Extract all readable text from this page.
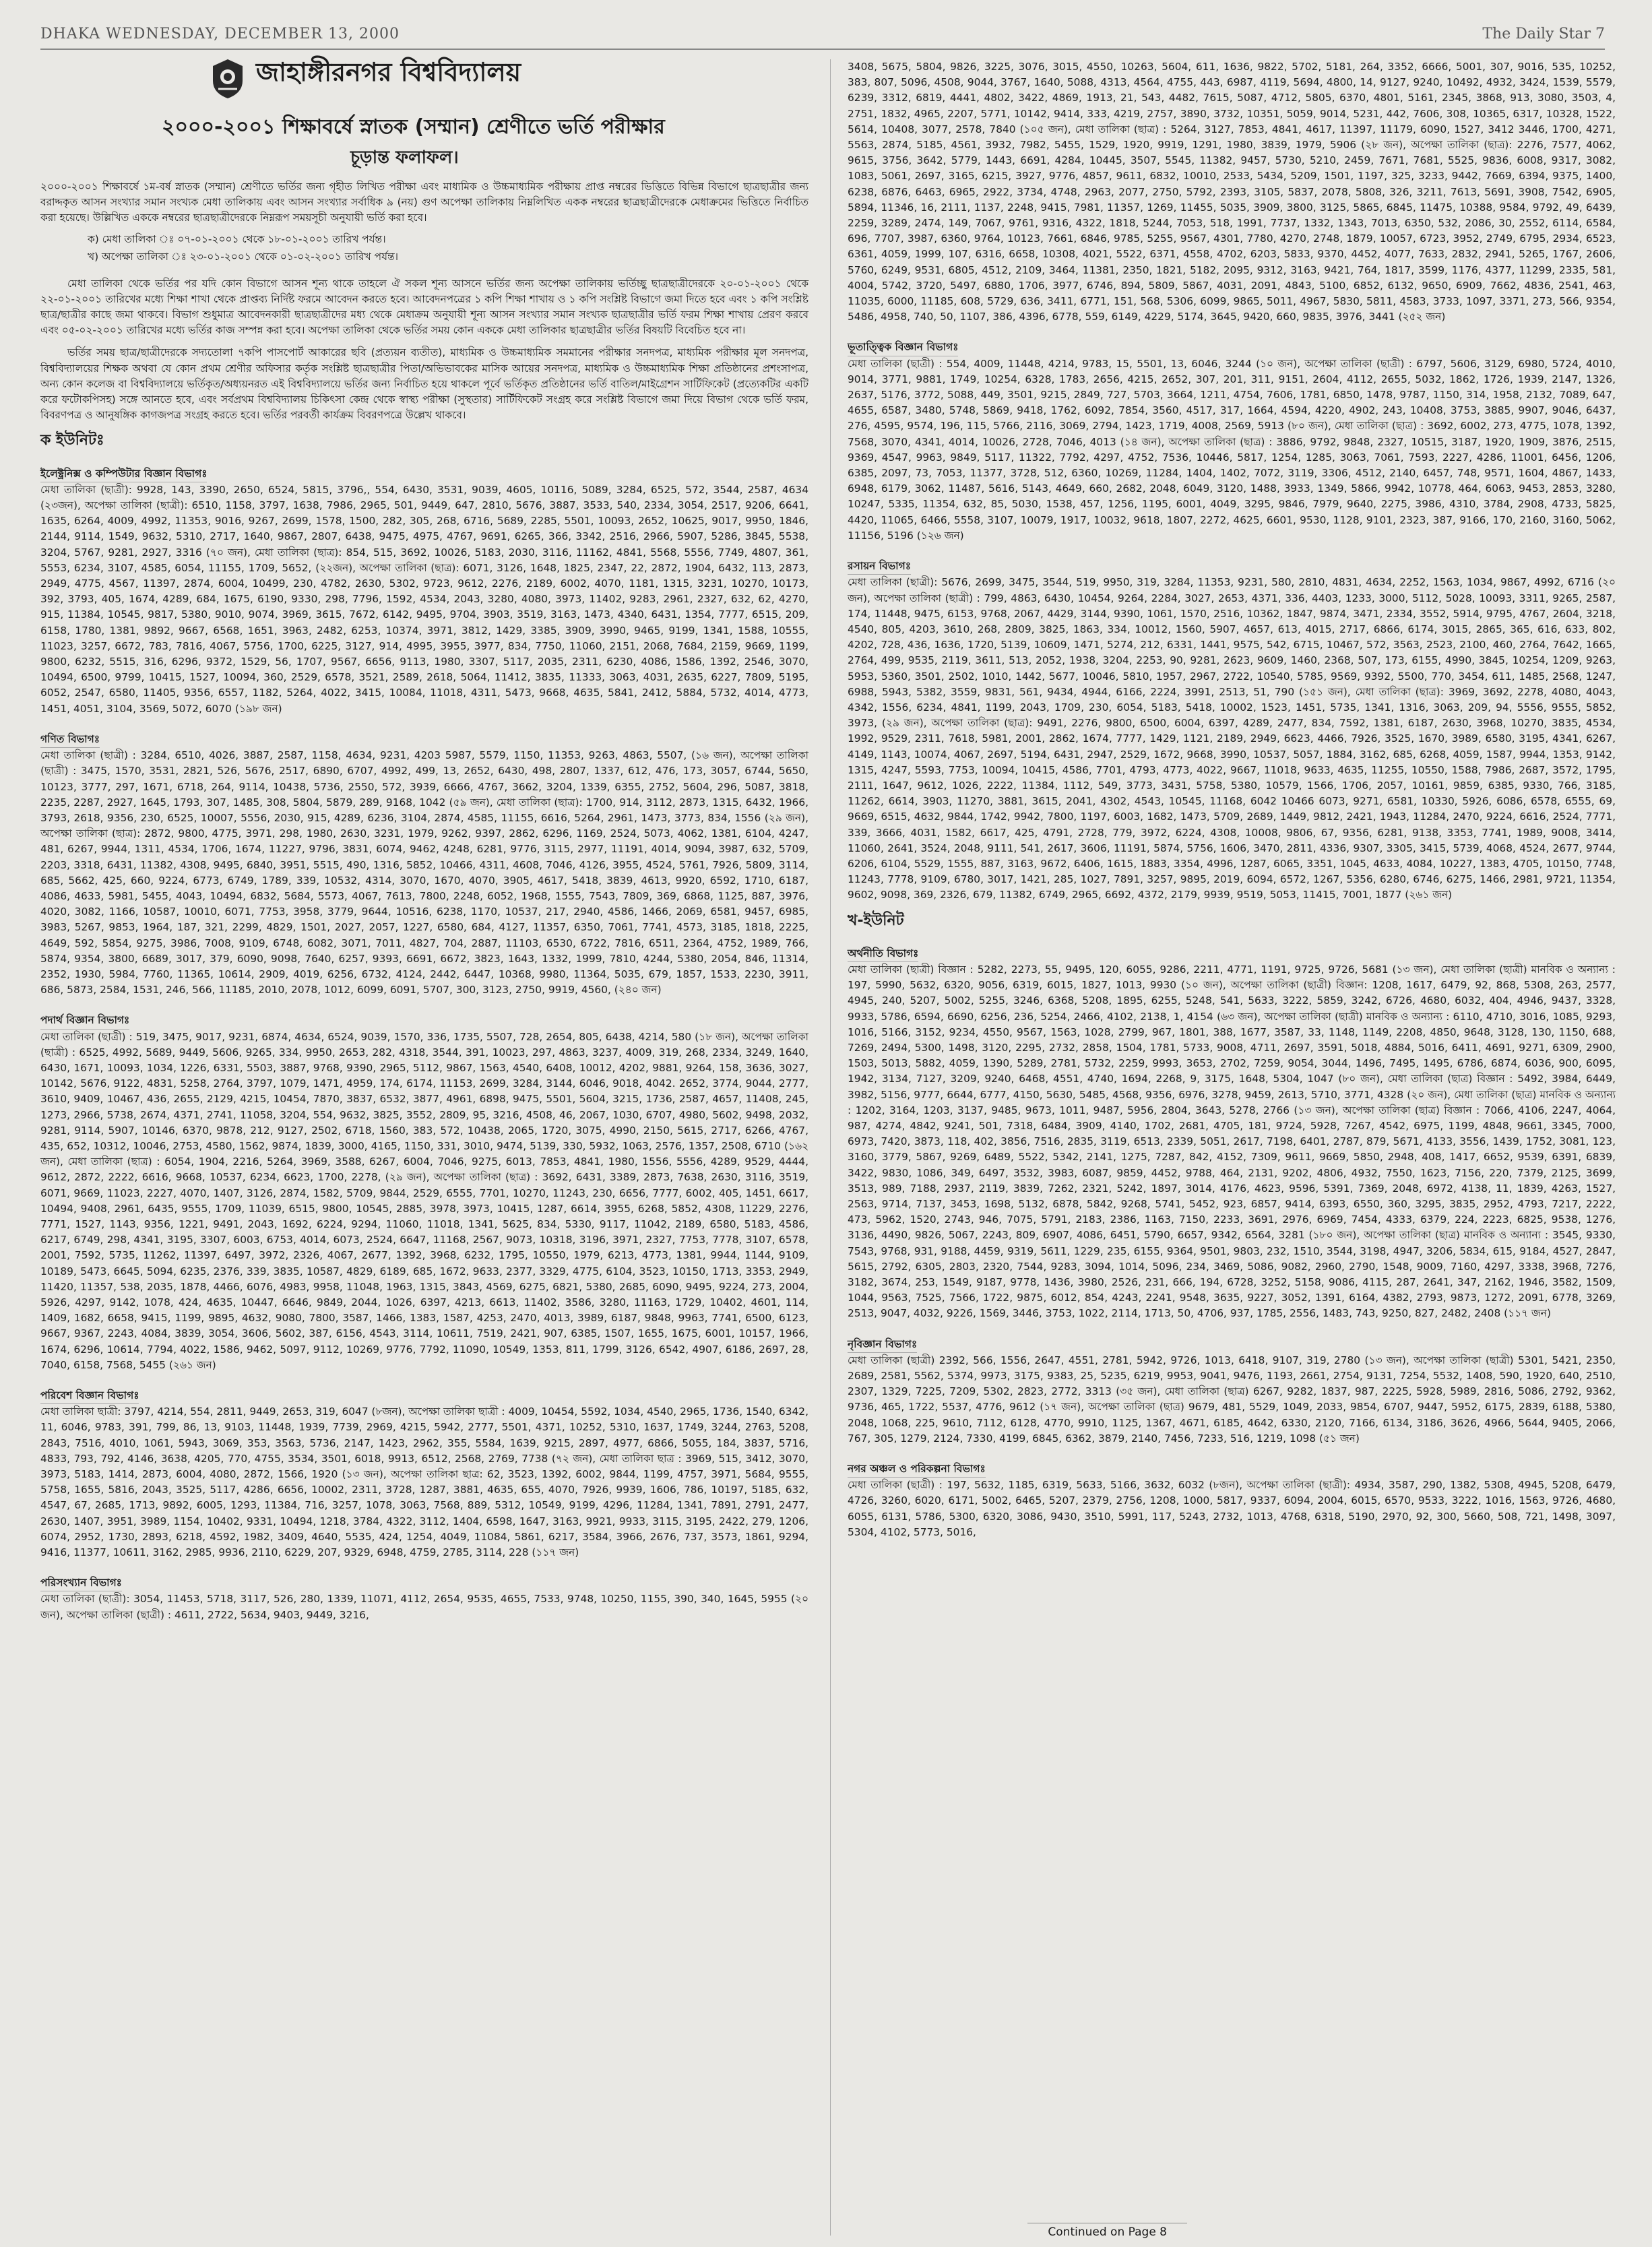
DHAKA WEDNESDAY, DECEMBER 13, 2000	The Daily Star 7
জাহাঙ্গীরনগর বিশ্ববিদ্যালয়
২০০০-২০০১ শিক্ষাবর্ষে স্নাতক (সম্মান) শ্রেণীতে ভর্তি পরীক্ষার
চূড়ান্ত ফলাফল।

২০০০-২০০১ শিক্ষাবর্ষে ১ম-বর্ষ স্নাতক (সম্মান) শ্রেণীতে ভর্তির জন্য গৃহীত লিখিত পরীক্ষা এবং মাধ্যমিক ও উচ্চমাধ্যমিক পরীক্ষায় প্রাপ্ত নম্বরের ভিত্তিতে বিভিন্ন বিভাগে ছাত্রছাত্রীর জন্য বরাদ্দকৃত আসন সংখ্যার সমান সংখ্যক মেধা তালিকায় এবং আসন সংখ্যার সর্বাধিক ৯ (নয়) গুণ অপেক্ষা তালিকায় নিম্নলিখিত একক নম্বরের ছাত্রছাত্রীদেরকে মেধাক্রমের ভিত্তিতে নির্বাচিত করা হয়েছে। উল্লিখিত এককে নম্বরের ছাত্রছাত্রীদেরকে নিম্নরূপ সময়সূচী অনুযায়ী ভর্তি করা হবে।

ক) মেধা তালিকা ঃ ০৭-০১-২০০১ থেকে ১৮-০১-২০০১ তারিখ পর্যন্ত।
খ) অপেক্ষা তালিকা ঃ ২৩-০১-২০০১ থেকে ০১-০২-২০০১ তারিখ পর্যন্ত।

মেধা তালিকা থেকে ভর্তির পর যদি কোন বিভাগে আসন শূন্য থাকে তাহলে ঐ সকল শূন্য আসনে ভর্তির জন্য অপেক্ষা তালিকায় ভর্তিচ্ছু ছাত্রছাত্রীদেরকে ২০-০১-২০০১ থেকে ২২-০১-২০০১ তারিখের মধ্যে শিক্ষা শাখা থেকে প্রাপ্তব্য নির্দিষ্ট ফরমে আবেদন করতে হবে। আবেদনপত্রের ১ কপি শিক্ষা শাখায় ও ১ কপি সংশ্লিষ্ট বিভাগে জমা দিতে হবে এবং ১ কপি সংশ্লিষ্ট ছাত্র/ছাত্রীর কাছে জমা থাকবে। বিভাগ শুধুমাত্র আবেদনকারী ছাত্রছাত্রীদের মধ্য থেকে মেধাক্রম অনুযায়ী শূন্য আসন সংখ্যার সমান সংখ্যক ছাত্রছাত্রীর ভর্তি ফরম শিক্ষা শাখায় প্রেরণ করবে এবং ০৫-০২-২০০১ তারিখের মধ্যে ভর্তির কাজ সম্পন্ন করা হবে। অপেক্ষা তালিকা থেকে ভর্তির সময় কোন এককে মেধা তালিকার ছাত্রছাত্রীর ভর্তির বিষয়টি বিবেচিত হবে না।

ভর্তির সময় ছাত্র/ছাত্রীদেরকে সদ্যতোলা ৭কপি পাসপোর্ট আকারের ছবি (প্রত্যয়ন ব্যতীত), মাধ্যমিক ও উচ্চমাধ্যমিক সমমানের পরীক্ষার সনদপত্র, মাধ্যমিক পরীক্ষার মূল সনদপত্র, বিশ্ববিদ্যালয়ের শিক্ষক অথবা যে কোন প্রথম শ্রেণীর অফিসার কর্তৃক সংশ্লিষ্ট ছাত্রছাত্রীর পিতা/অভিভাবকের মাসিক আয়ের সনদপত্র, মাধ্যমিক ও উচ্চমাধ্যমিক শিক্ষা প্রতিষ্ঠানের প্রশংসাপত্র, অন্য কোন কলেজ বা বিশ্ববিদ্যালয়ে ভর্তিকৃত/অধ্যয়নরত এই বিশ্ববিদ্যালয়ে ভর্তির জন্য নির্বাচিত হয়ে থাকলে পূর্বে ভর্তিকৃত প্রতিষ্ঠানের ভর্তি বাতিল/মাইগ্রেশন সার্টিফিকেট (প্রত্যেকটির একটি করে ফটোকপিসহ) সঙ্গে আনতে হবে, এবং সর্বপ্রথম বিশ্ববিদ্যালয় চিকিৎসা কেন্দ্র থেকে স্বাস্থ্য পরীক্ষা (সুস্থতার) সার্টিফিকেট সংগ্রহ করে সংশ্লিষ্ট বিভাগে জমা দিয়ে বিভাগ থেকে ভর্তি ফরম, বিবরণপত্র ও আনুষঙ্গিক কাগজপত্র সংগ্রহ করতে হবে। ভর্তির পরবর্তী কার্যক্রম বিবরণপত্রে উল্লেখ থাকবে।

ক ইউনিটঃ
ইলেক্ট্রনিক্স ও কম্পিউটার বিজ্ঞান বিভাগঃ

মেধা তালিকা (ছাত্রী): 9928, 143, 3390, 2650, 6524, 5815, 3796,, 554, 6430, 3531, 9039, 4605, 10116, 5089, 3284, 6525, 572, 3544, 2587, 4634 (২৩জন), অপেক্ষা তালিকা (ছাত্রী): 6510, 1158, 3797, 1638, 7986, 2965, 501, 9449, 647, 2810, 5676, 3887, 3533, 540, 2334, 3054, 2517, 9206, 6641, 1635, 6264, 4009, 4992, 11353, 9016, 9267, 2699, 1578, 1500, 282, 305, 268, 6716, 5689, 2285, 5501, 10093, 2652, 10625, 9017, 9950, 1846, 2144, 9114, 1549, 9632, 5310, 2717, 1640, 9867, 2807, 6438, 9475, 4975, 4767, 9691, 6265, 366, 3342, 2516, 2966, 5907, 5286, 3845, 5538, 3204, 5767, 9281, 2927, 3316 (৭০ জন), মেধা তালিকা (ছাত্র): 854, 515, 3692, 10026, 5183, 2030, 3116, 11162, 4841, 5568, 5556, 7749, 4807, 361, 5553, 6234, 3107, 4585, 6054, 11155, 1709, 5652, (২২জন), অপেক্ষা তালিকা (ছাত্র): 6071, 3126, 1648, 1825, 2347, 22, 2872, 1904, 6432, 113, 2873, 2949, 4775, 4567, 11397, 2874, 6004, 10499, 230, 4782, 2630, 5302, 9723, 9612, 2276, 2189, 6002, 4070, 1181, 1315, 3231, 10270, 10173, 392, 3793, 405, 1674, 4289, 684, 1675, 6190, 9330, 298, 7796, 1592, 4534, 2043, 3280, 4080, 3973, 11402, 9283, 2961, 2327, 632, 62, 4270, 915, 11384, 10545, 9817, 5380, 9010, 9074, 3969, 3615, 7672, 6142, 9495, 9704, 3903, 3519, 3163, 1473, 4340, 6431, 1354, 7777, 6515, 209, 6158, 1780, 1381, 9892, 9667, 6568, 1651, 3963, 2482, 6253, 10374, 3971, 3812, 1429, 3385, 3909, 3990, 9465, 9199, 1341, 1588, 10555, 11023, 3257, 6672, 783, 7816, 4067, 5756, 1700, 6225, 3127, 914, 4995, 3955, 3977, 834, 7750, 11060, 2151, 2068, 7684, 2159, 9669, 1199, 9800, 6232, 5515, 316, 6296, 9372, 1529, 56, 1707, 9567, 6656, 9113, 1980, 3307, 5117, 2035, 2311, 6230, 4086, 1586, 1392, 2546, 3070, 10494, 6500, 9799, 10415, 1527, 10094, 360, 2529, 6578, 3521, 2589, 2618, 5064, 11412, 3835, 11333, 3063, 4031, 2635, 6227, 7809, 5195, 6052, 2547, 6580, 11405, 9356, 6557, 1182, 5264, 4022, 3415, 10084, 11018, 4311, 5473, 9668, 4635, 5841, 2412, 5884, 5732, 4014, 4773, 1451, 4051, 3104, 3569, 5072, 6070 (১৯৮ জন)

গণিত বিভাগঃ

মেধা তালিকা (ছাত্রী) : 3284, 6510, 4026, 3887, 2587, 1158, 4634, 9231, 4203 5987, 5579, 1150, 11353, 9263, 4863, 5507, (১৬ জন), অপেক্ষা তালিকা (ছাত্রী) : 3475, 1570, 3531, 2821, 526, 5676, 2517, 6890, 6707, 4992, 499, 13, 2652, 6430, 498, 2807, 1337, 612, 476, 173, 3057, 6744, 5650, 10123, 3777, 297, 1671, 6718, 264, 9114, 10438, 5736, 2550, 572, 3939, 6666, 4767, 3662, 3204, 1339, 6355, 2752, 5604, 296, 5087, 3818, 2235, 2287, 2927, 1645, 1793, 307, 1485, 308, 5804, 5879, 289, 9168, 1042 (৫৯ জন), মেধা তালিকা (ছাত্র): 1700, 914, 3112, 2873, 1315, 6432, 1966, 3793, 2618, 9356, 230, 6525, 10007, 5556, 2030, 915, 4289, 6236, 3104, 2874, 4585, 11155, 6616, 5264, 2961, 1473, 3773, 834, 1556 (২৯ জন), অপেক্ষা তালিকা (ছাত্র): 2872, 9800, 4775, 3971, 298, 1980, 2630, 3231, 1979, 9262, 9397, 2862, 6296, 1169, 2524, 5073, 4062, 1381, 6104, 4247, 481, 6267, 9944, 1311, 4534, 1706, 1674, 11227, 9796, 3831, 6074, 9462, 4248, 6281, 9776, 3115, 2977, 11191, 4014, 9094, 3987, 632, 5709, 2203, 3318, 6431, 11382, 4308, 9495, 6840, 3951, 5515, 490, 1316, 5852, 10466, 4311, 4608, 7046, 4126, 3955, 4524, 5761, 7926, 5809, 3114, 685, 5662, 425, 660, 9224, 6773, 6749, 1789, 339, 10532, 4314, 3070, 1670, 4070, 3905, 4617, 5418, 3839, 4613, 9920, 6592, 1710, 6187, 4086, 4633, 5981, 5455, 4043, 10494, 6832, 5684, 5573, 4067, 7613, 7800, 2248, 6052, 1968, 1555, 7543, 7809, 369, 6868, 1125, 887, 3976, 4020, 3082, 1166, 10587, 10010, 6071, 7753, 3958, 3779, 9644, 10516, 6238, 1170, 10537, 217, 2940, 4586, 1466, 2069, 6581, 9457, 6985, 3983, 5267, 9853, 1964, 187, 321, 2299, 4829, 1501, 2027, 2057, 1227, 6580, 684, 4127, 11357, 6350, 7061, 7741, 4573, 3185, 1818, 2225, 4649, 592, 5854, 9275, 3986, 7008, 9109, 6748, 6082, 3071, 7011, 4827, 704, 2887, 11103, 6530, 6722, 7816, 6511, 2364, 4752, 1989, 766, 5874, 9354, 3800, 6689, 3017, 379, 6090, 9098, 7640, 6257, 9393, 6691, 6672, 3823, 1643, 1332, 1999, 7810, 4244, 5380, 2054, 846, 11314, 2352, 1930, 5984, 7760, 11365, 10614, 2909, 4019, 6256, 6732, 4124, 2442, 6447, 10368, 9980, 11364, 5035, 679, 1857, 1533, 2230, 3911, 686, 5873, 2584, 1531, 246, 566, 11185, 2010, 2078, 1012, 6099, 6091, 5707, 300, 3123, 2750, 9919, 4560, (২৪০ জন)

পদার্থ বিজ্ঞান বিভাগঃ

মেধা তালিকা (ছাত্রী) : 519, 3475, 9017, 9231, 6874, 4634, 6524, 9039, 1570, 336, 1735, 5507, 728, 2654, 805, 6438, 4214, 580 (১৮ জন), অপেক্ষা তালিকা (ছাত্রী) : 6525, 4992, 5689, 9449, 5606, 9265, 334, 9950, 2653, 282, 4318, 3544, 391, 10023, 297, 4863, 3237, 4009, 319, 268, 2334, 3249, 1640, 6430, 1671, 10093, 1034, 1226, 6331, 5503, 3887, 9768, 9390, 2965, 5112, 9867, 1563, 4540, 6408, 10012, 4202, 9881, 9264, 158, 3636, 3027, 10142, 5676, 9122, 4831, 5258, 2764, 3797, 1079, 1471, 4959, 174, 6174, 11153, 2699, 3284, 3144, 6046, 9018, 4042. 2652, 3774, 9044, 2777, 3610, 9409, 10467, 436, 2655, 2129, 4215, 10454, 7870, 3837, 6532, 3877, 4961, 6898, 9475, 5501, 5604, 3215, 1736, 2587, 4657, 11408, 245, 1273, 2966, 5738, 2674, 4371, 2741, 11058, 3204, 554, 9632, 3825, 3552, 2809, 95, 3216, 4508, 46, 2067, 1030, 6707, 4980, 5602, 9498, 2032, 9281, 9114, 5907, 10146, 6370, 9878, 212, 9127, 2502, 6718, 1560, 383, 572, 10438, 2065, 1720, 3075, 4990, 2150, 5615, 2717, 6266, 4767, 435, 652, 10312, 10046, 2753, 4580, 1562, 9874, 1839, 3000, 4165, 1150, 331, 3010, 9474, 5139, 330, 5932, 1063, 2576, 1357, 2508, 6710 (১৬২ জন), মেধা তালিকা (ছাত্র) : 6054, 1904, 2216, 5264, 3969, 3588, 6267, 6004, 7046, 9275, 6013, 7853, 4841, 1980, 1556, 5556, 4289, 9529, 4444, 9612, 2872, 2222, 6616, 9668, 10537, 6234, 6623, 1700, 2278, (২৯ জন), অপেক্ষা তালিকা (ছাত্র) : 3692, 6431, 3389, 2873, 7638, 2630, 3116, 3519, 6071, 9669, 11023, 2227, 4070, 1407, 3126, 2874, 1582, 5709, 9844, 2529, 6555, 7701, 10270, 11243, 230, 6656, 7777, 6002, 405, 1451, 6617, 10494, 9408, 2961, 6435, 9555, 1709, 11039, 6515, 9800, 10545, 2885, 3978, 3973, 10415, 1287, 6614, 3955, 6268, 5852, 4308, 11229, 2276, 7771, 1527, 1143, 9356, 1221, 9491, 2043, 1692, 6224, 9294, 11060, 11018, 1341, 5625, 834, 5330, 9117, 11042, 2189, 6580, 5183, 4586, 6217, 6749, 298, 4341, 3195, 3307, 6003, 6753, 4014, 6073, 2524, 6647, 11168, 2567, 9073, 10318, 3196, 3971, 2327, 7753, 7778, 3107, 6578, 2001, 7592, 5735, 11262, 11397, 6497, 3972, 2326, 4067, 2677, 1392, 3968, 6232, 1795, 10550, 1979, 6213, 4773, 1381, 9944, 1144, 9109, 10189, 5473, 6645, 5094, 6235, 2376, 339, 3835, 10587, 4829, 6189, 685, 1672, 9633, 2377, 3329, 4775, 6104, 3523, 10150, 1713, 3353, 2949, 11420, 11357, 538, 2035, 1878, 4466, 6076, 4983, 9958, 11048, 1963, 1315, 3843, 4569, 6275, 6821, 5380, 2685, 6090, 9495, 9224, 273, 2004, 5926, 4297, 9142, 1078, 424, 4635, 10447, 6646, 9849, 2044, 1026, 6397, 4213, 6613, 11402, 3586, 3280, 11163, 1729, 10402, 4601, 114, 1409, 1682, 6658, 9415, 1199, 9895, 4632, 9080, 7800, 3587, 1466, 1383, 1587, 4253, 2470, 4013, 3989, 6187, 9848, 9963, 7741, 6500, 6123, 9667, 9367, 2243, 4084, 3839, 3054, 3606, 5602, 387, 6156, 4543, 3114, 10611, 7519, 2421, 907, 6385, 1507, 1655, 1675, 6001, 10157, 1966, 1674, 6296, 10614, 7794, 4022, 1586, 9462, 5097, 9112, 10269, 9776, 7792, 11090, 10549, 1353, 811, 1799, 3126, 6542, 4907, 6186, 2697, 28, 7040, 6158, 7568, 5455 (২৬১ জন)

পরিবেশ বিজ্ঞান বিভাগঃ

মেধা তালিকা ছাত্রী: 3797, 4214, 554, 2811, 9449, 2653, 319, 6047 (৮জন), অপেক্ষা তালিকা ছাত্রী : 4009, 10454, 5592, 1034, 4540, 2965, 1736, 1540, 6342, 11, 6046, 9783, 391, 799, 86, 13, 9103, 11448, 1939, 7739, 2969, 4215, 5942, 2777, 5501, 4371, 10252, 5310, 1637, 1749, 3244, 2763, 5208, 2843, 7516, 4010, 1061, 5943, 3069, 353, 3563, 5736, 2147, 1423, 2962, 355, 5584, 1639, 9215, 2897, 4977, 6866, 5055, 184, 3837, 5716, 4833, 793, 792, 4146, 3638, 4205, 770, 4755, 3534, 3501, 6018, 9913, 6512, 2568, 2769, 7738 (৭২ জন), মেধা তালিকা ছাত্র : 3969, 515, 3412, 3070, 3973, 5183, 1414, 2873, 6004, 4080, 2872, 1566, 1920 (১৩ জন), অপেক্ষা তালিকা ছাত্র: 62, 3523, 1392, 6002, 9844, 1199, 4757, 3971, 5684, 9555, 5758, 1655, 5816, 2043, 3525, 5117, 4286, 6656, 10002, 2311, 3728, 1287, 3881, 4635, 655, 4070, 7926, 9939, 1606, 786, 10197, 5185, 632, 4547, 67, 2685, 1713, 9892, 6005, 1293, 11384, 716, 3257, 1078, 3063, 7568, 889, 5312, 10549, 9199, 4296, 11284, 1341, 7891, 2791, 2477, 2630, 1407, 3951, 3989, 1154, 10402, 9331, 10494, 1218, 3784, 4322, 3112, 1404, 6598, 1647, 3163, 9921, 9933, 3115, 3195, 2422, 279, 1206, 6074, 2952, 1730, 2893, 6218, 4592, 1982, 3409, 4640, 5535, 424, 1254, 4049, 11084, 5861, 6217, 3584, 3966, 2676, 737, 3573, 1861, 9294, 9416, 11377, 10611, 3162, 2985, 9936, 2110, 6229, 207, 9329, 6948, 4759, 2785, 3114, 228 (১১৭ জন)

পরিসংখ্যান বিভাগঃ

মেধা তালিকা (ছাত্রী): 3054, 11453, 5718, 3117, 526, 280, 1339, 11071, 4112, 2654, 9535, 4655, 7533, 9748, 10250, 1155, 390, 340, 1645, 5955 (২০ জন), অপেক্ষা তালিকা (ছাত্রী) : 4611, 2722, 5634, 9403, 9449, 3216,

3408, 5675, 5804, 9826, 3225, 3076, 3015, 4550, 10263, 5604, 611, 1636, 9822, 5702, 5181, 264, 3352, 6666, 5001, 307, 9016, 535, 10252, 383, 807, 5096, 4508, 9044, 3767, 1640, 5088, 4313, 4564, 4755, 443, 6987, 4119, 5694, 4800, 14, 9127, 9240, 10492, 4932, 3424, 1539, 5579, 6239, 3312, 6819, 4441, 4802, 3422, 4869, 1913, 21, 543, 4482, 7615, 5087, 4712, 5805, 6370, 4801, 5161, 2345, 3868, 913, 3080, 3503, 4, 2751, 1832, 4965, 2207, 5771, 10142, 9414, 333, 4219, 2757, 3890, 3732, 10351, 5059, 9014, 5231, 442, 7606, 308, 10365, 6317, 10328, 1522, 5614, 10408, 3077, 2578, 7840 (১০৫ জন), মেধা তালিকা (ছাত্র) : 5264, 3127, 7853, 4841, 4617, 11397, 11179, 6090, 1527, 3412 3446, 1700, 4271, 5563, 2874, 5185, 4561, 3932, 7982, 5455, 1529, 1920, 9919, 1291, 1980, 3839, 1979, 5906 (২৮ জন), অপেক্ষা তালিকা (ছাত্র): 2276, 7577, 4062, 9615, 3756, 3642, 5779, 1443, 6691, 4284, 10445, 3507, 5545, 11382, 9457, 5730, 5210, 2459, 7671, 7681, 5525, 9836, 6008, 9317, 3082, 1083, 5061, 2697, 3165, 6215, 3927, 9776, 4857, 9611, 6832, 10010, 2533, 5434, 5209, 1501, 1197, 325, 3233, 9442, 7669, 6394, 9375, 1400, 6238, 6876, 6463, 6965, 2922, 3734, 4748, 2963, 2077, 2750, 5792, 2393, 3105, 5837, 2078, 5808, 326, 3211, 7613, 5691, 3908, 7542, 6905, 5894, 11346, 16, 2111, 1137, 2248, 9415, 7981, 11357, 1269, 11455, 5035, 3909, 3800, 3125, 5865, 6845, 11475, 10388, 9584, 9792, 49, 6439, 2259, 3289, 2474, 149, 7067, 9761, 9316, 4322, 1818, 5244, 7053, 518, 1991, 7737, 1332, 1343, 7013, 6350, 532, 2086, 30, 2552, 6114, 6584, 696, 7707, 3987, 6360, 9764, 10123, 7661, 6846, 9785, 5255, 9567, 4301, 7780, 4270, 2748, 1879, 10057, 6723, 3952, 2749, 6795, 2934, 6523, 6361, 4059, 1999, 107, 6316, 6658, 10308, 4021, 5522, 6371, 4558, 4702, 6203, 5833, 9370, 4452, 4077, 7633, 2832, 2941, 5265, 1767, 2606, 5760, 6249, 9531, 6805, 4512, 2109, 3464, 11381, 2350, 1821, 5182, 2095, 9312, 3163, 9421, 764, 1817, 3599, 1176, 4377, 11299, 2335, 581, 4004, 5742, 3720, 5497, 6880, 1706, 3977, 6746, 894, 5809, 5867, 4031, 2091, 4843, 5100, 6852, 6132, 9650, 6909, 7662, 4836, 2541, 463, 11035, 6000, 11185, 608, 5729, 636, 3411, 6771, 151, 568, 5306, 6099, 9865, 5011, 4967, 5830, 5811, 4583, 3733, 1097, 3371, 273, 566, 9354, 5486, 4958, 740, 50, 1107, 386, 4396, 6778, 559, 6149, 4229, 5174, 3645, 9420, 660, 9835, 3976, 3441 (২৫২ জন)

ভূতাত্ত্বিক বিজ্ঞান বিভাগঃ

মেধা তালিকা (ছাত্রী) : 554, 4009, 11448, 4214, 9783, 15, 5501, 13, 6046, 3244 (১০ জন), অপেক্ষা তালিকা (ছাত্রী) : 6797, 5606, 3129, 6980, 5724, 4010, 9014, 3771, 9881, 1749, 10254, 6328, 1783, 2656, 4215, 2652, 307, 201, 311, 9151, 2604, 4112, 2655, 5032, 1862, 1726, 1939, 2147, 1326, 2637, 5176, 3772, 5088, 449, 3501, 9215, 2849, 727, 5703, 3664, 1211, 4754, 7606, 1781, 6850, 1478, 9787, 1150, 314, 1958, 2132, 7089, 647, 4655, 6587, 3480, 5748, 5869, 9418, 1762, 6092, 7854, 3560, 4517, 317, 1664, 4594, 4220, 4902, 243, 10408, 3753, 3885, 9907, 9046, 6437, 276, 4595, 9574, 196, 115, 5766, 2116, 3069, 2794, 1423, 1719, 4008, 2569, 5913 (৮০ জন), মেধা তালিকা (ছাত্র) : 3692, 6002, 273, 4775, 1078, 1392, 7568, 3070, 4341, 4014, 10026, 2728, 7046, 4013 (১৪ জন), অপেক্ষা তালিকা (ছাত্র) : 3886, 9792, 9848, 2327, 10515, 3187, 1920, 1909, 3876, 2515, 9369, 4547, 9963, 9849, 5117, 11322, 7792, 4297, 4752, 7536, 10446, 5817, 1254, 1285, 3063, 7061, 7593, 2227, 4286, 11001, 6456, 1206, 6385, 2097, 73, 7053, 11377, 3728, 512, 6360, 10269, 11284, 1404, 1402, 7072, 3119, 3306, 4512, 2140, 6457, 748, 9571, 1604, 4867, 1433, 6948, 6179, 3062, 11487, 5616, 5143, 4649, 660, 2682, 2048, 6049, 3120, 1488, 3933, 1349, 5866, 9942, 10778, 464, 6063, 9453, 2853, 3280, 10247, 5335, 11354, 632, 85, 5030, 1538, 457, 1256, 1195, 6001, 4049, 3295, 9846, 7979, 9640, 2275, 3986, 4310, 3784, 2908, 4733, 5825, 4420, 11065, 6466, 5558, 3107, 10079, 1917, 10032, 9618, 1807, 2272, 4625, 6601, 9530, 1128, 9101, 2323, 387, 9166, 170, 2160, 3160, 5062, 11156, 5196 (১২৬ জন)

রসায়ন বিভাগঃ

মেধা তালিকা (ছাত্রী): 5676, 2699, 3475, 3544, 519, 9950, 319, 3284, 11353, 9231, 580, 2810, 4831, 4634, 2252, 1563, 1034, 9867, 4992, 6716 (২০ জন), অপেক্ষা তালিকা (ছাত্রী) : 799, 4863, 6430, 10454, 9264, 2284, 3027, 2653, 4371, 336, 4403, 1233, 3000, 5112, 5028, 10093, 3311, 9265, 2587, 174, 11448, 9475, 6153, 9768, 2067, 4429, 3144, 9390, 1061, 1570, 2516, 10362, 1847, 9874, 3471, 2334, 3552, 5914, 9795, 4767, 2604, 3218, 4540, 805, 4203, 3610, 268, 2809, 3825, 1863, 334, 10012, 1560, 5907, 4657, 613, 4015, 2717, 6866, 6174, 3015, 2865, 365, 616, 633, 802, 4202, 728, 436, 1636, 1720, 5139, 10609, 1471, 5274, 212, 6331, 1441, 9575, 542, 6715, 10467, 572, 3563, 2523, 2100, 460, 2764, 7642, 1665, 2764, 499, 9535, 2119, 3611, 513, 2052, 1938, 3204, 2253, 90, 9281, 2623, 9609, 1460, 2368, 507, 173, 6155, 4990, 3845, 10254, 1209, 9263, 5953, 5360, 3501, 2502, 1010, 1442, 5677, 10046, 5810, 1957, 2967, 2722, 10540, 5785, 9569, 9392, 5500, 770, 3454, 611, 1485, 2568, 1247, 6988, 5943, 5382, 3559, 9831, 561, 9434, 4944, 6166, 2224, 3991, 2513, 51, 790 (১৫১ জন), মেধা তালিকা (ছাত্র): 3969, 3692, 2278, 4080, 4043, 4342, 1556, 6234, 4841, 1199, 2043, 1709, 230, 6054, 5183, 5418, 10002, 1523, 1451, 5735, 1341, 1316, 3063, 209, 94, 5556, 9555, 5852, 3973, (২৯ জন), অপেক্ষা তালিকা (ছাত্র): 9491, 2276, 9800, 6500, 6004, 6397, 4289, 2477, 834, 7592, 1381, 6187, 2630, 3968, 10270, 3835, 4534, 1992, 9529, 2311, 7618, 5981, 2001, 2862, 1674, 7777, 1429, 1121, 2189, 2949, 6623, 4466, 7926, 3525, 1670, 3989, 6580, 3195, 4341, 6267, 4149, 1143, 10074, 4067, 2697, 5194, 6431, 2947, 2529, 1672, 9668, 3990, 10537, 5057, 1884, 3162, 685, 6268, 4059, 1587, 9944, 1353, 9142, 1315, 4247, 5593, 7753, 10094, 10415, 4586, 7701, 4793, 4773, 4022, 9667, 11018, 9633, 4635, 11255, 10550, 1588, 7986, 2687, 3572, 1795, 2111, 1647, 9612, 1026, 2222, 11384, 1112, 549, 3773, 3431, 5758, 5380, 10579, 1566, 1706, 2057, 10161, 9859, 6385, 9330, 766, 3185, 11262, 6614, 3903, 11270, 3881, 3615, 2041, 4302, 4543, 10545, 11168, 6042 10466 6073, 9271, 6581, 10330, 5926, 6086, 6578, 6555, 69, 9669, 6515, 4632, 9844, 1742, 9942, 7800, 1197, 6003, 1682, 1473, 5709, 2689, 1449, 9812, 2421, 1943, 11284, 2470, 9224, 6616, 2524, 7771, 339, 3666, 4031, 1582, 6617, 425, 4791, 2728, 779, 3972, 6224, 4308, 10008, 9806, 67, 9356, 6281, 9138, 3353, 7741, 1989, 9008, 3414, 11060, 2641, 3524, 2048, 9111, 541, 2617, 3606, 11191, 5874, 5756, 1606, 3470, 2811, 4336, 9307, 3305, 3415, 5739, 4068, 4524, 2677, 9744, 6206, 6104, 5529, 1555, 887, 3163, 9672, 6406, 1615, 1883, 3354, 4996, 1287, 6065, 3351, 1045, 4633, 4084, 10227, 1383, 4705, 10150, 7748, 11243, 7778, 9109, 6780, 3017, 1421, 285, 1027, 7891, 3257, 9895, 2019, 6094, 6572, 1267, 5356, 6280, 6746, 6275, 1466, 2981, 9721, 11354, 9602, 9098, 369, 2326, 679, 11382, 6749, 2965, 6692, 4372, 2179, 9939, 9519, 5053, 11415, 7001, 1877 (২৬১ জন)

খ-ইউনিট
অর্থনীতি বিভাগঃ

মেধা তালিকা (ছাত্রী) বিজ্ঞান : 5282, 2273, 55, 9495, 120, 6055, 9286, 2211, 4771, 1191, 9725, 9726, 5681 (১৩ জন), মেধা তালিকা (ছাত্রী) মানবিক ও অন্যান্য : 197, 5990, 5632, 6320, 9056, 6319, 6015, 1827, 1013, 9930 (১০ জন), অপেক্ষা তালিকা (ছাত্রী) বিজ্ঞান: 1208, 1617, 6479, 92, 868, 5308, 263, 2577, 4945, 240, 5207, 5002, 5255, 3246, 6368, 5208, 1895, 6255, 5248, 541, 5633, 3222, 5859, 3242, 6726, 4680, 6032, 404, 4946, 9437, 3328, 9933, 5786, 6594, 6690, 6256, 236, 5254, 2466, 4102, 2138, 1, 4154 (৬৩ জন), অপেক্ষা তালিকা (ছাত্রী) মানবিক ও অন্যান্য : 6110, 4710, 3016, 1085, 9293, 1016, 5166, 3152, 9234, 4550, 9567, 1563, 1028, 2799, 967, 1801, 388, 1677, 3587, 33, 1148, 1149, 2208, 4850, 9648, 3128, 130, 1150, 688, 7269, 2494, 5300, 1498, 3120, 2295, 2732, 2858, 1504, 1781, 5733, 9008, 4711, 2697, 3591, 5018, 4884, 5016, 6411, 4691, 9271, 6309, 2900, 1503, 5013, 5882, 4059, 1390, 5289, 2781, 5732, 2259, 9993, 3653, 2702, 7259, 9054, 3044, 1496, 7495, 1495, 6786, 6874, 6036, 900, 6095, 1942, 3134, 7127, 3209, 9240, 6468, 4551, 4740, 1694, 2268, 9, 3175, 1648, 5304, 1047 (৮০ জন), মেধা তালিকা (ছাত্র) বিজ্ঞান : 5492, 3984, 6449, 3982, 5156, 9777, 6644, 6777, 4150, 5630, 5485, 4568, 9356, 6976, 3278, 9459, 2613, 5710, 3771, 4328 (২০ জন), মেধা তালিকা (ছাত্র) মানবিক ও অন্যান্য : 1202, 3164, 1203, 3137, 9485, 9673, 1011, 9487, 5956, 2804, 3643, 5278, 2766 (১৩ জন), অপেক্ষা তালিকা (ছাত্র) বিজ্ঞান : 7066, 4106, 2247, 4064, 987, 4274, 4842, 9241, 501, 7318, 6484, 3909, 4140, 1702, 2681, 4705, 181, 9724, 5928, 7267, 4542, 6975, 1199, 4848, 9661, 3345, 7000, 6973, 7420, 3873, 118, 402, 3856, 7516, 2835, 3119, 6513, 2339, 5051, 2617, 7198, 6401, 2787, 879, 5671, 4133, 3556, 1439, 1752, 3081, 123, 3160, 3779, 5867, 9269, 6489, 5522, 5342, 2141, 1275, 7287, 842, 4152, 7309, 9611, 9669, 5850, 2948, 408, 1417, 6652, 9539, 6391, 6839, 3422, 9830, 1086, 349, 6497, 3532, 3983, 6087, 9859, 4452, 9788, 464, 2131, 9202, 4806, 4932, 7550, 1623, 7156, 220, 7379, 2125, 3699, 3513, 989, 7188, 2937, 2119, 3839, 7262, 2321, 5242, 1897, 3014, 4176, 4623, 9596, 5391, 7369, 2048, 6972, 4138, 11, 1839, 4263, 1527, 2563, 9714, 7137, 3453, 1698, 5132, 6878, 5842, 9268, 5741, 5452, 923, 6857, 9414, 6393, 6550, 360, 3295, 3835, 2952, 4793, 7217, 2222, 473, 5962, 1520, 2743, 946, 7075, 5791, 2183, 2386, 1163, 7150, 2233, 3691, 2976, 6969, 7454, 4333, 6379, 224, 2223, 6825, 9538, 1276, 3136, 4490, 9826, 5067, 2243, 809, 6907, 4086, 6451, 5790, 6657, 9342, 6564, 3281 (১৮০ জন), অপেক্ষা তালিকা (ছাত্র) মানবিক ও অন্যান্য : 3545, 9330, 7543, 9768, 931, 9188, 4459, 9319, 5611, 1229, 235, 6155, 9364, 9501, 9803, 232, 1510, 3544, 3198, 4947, 3206, 5834, 615, 9184, 4527, 2847, 5615, 2792, 6305, 2803, 2320, 7544, 9283, 3094, 1014, 5096, 234, 3469, 5086, 9082, 2960, 2790, 1548, 9009, 7160, 4297, 3338, 3968, 7276, 3182, 3674, 253, 1549, 9187, 9778, 1436, 3980, 2526, 231, 666, 194, 6728, 3252, 5158, 9086, 4115, 287, 2641, 347, 2162, 1946, 3582, 1509, 1044, 9563, 7525, 7566, 1722, 9875, 6012, 854, 4243, 2241, 9548, 3635, 9227, 3052, 1391, 6164, 4382, 2793, 9873, 1272, 2091, 6778, 3269, 2513, 9047, 4032, 9226, 1569, 3446, 3753, 1022, 2114, 1713, 50, 4706, 937, 1785, 2556, 1483, 743, 9250, 827, 2482, 2408 (১১৭ জন)

নৃবিজ্ঞান বিভাগঃ

মেধা তালিকা (ছাত্রী) 2392, 566, 1556, 2647, 4551, 2781, 5942, 9726, 1013, 6418, 9107, 319, 2780 (১৩ জন), অপেক্ষা তালিকা (ছাত্রী) 5301, 5421, 2350, 2689, 2581, 5562, 5374, 9973, 3175, 9383, 25, 5235, 6219, 9953, 9041, 9476, 1193, 2661, 2754, 9131, 7254, 5532, 1408, 590, 1920, 640, 2510, 2307, 1329, 7225, 7209, 5302, 2823, 2772, 3313 (৩৫ জন), মেধা তালিকা (ছাত্র) 6267, 9282, 1837, 987, 2225, 5928, 5989, 2816, 5086, 2792, 9362, 9736, 465, 1722, 5537, 4776, 9612 (১৭ জন), অপেক্ষা তালিকা (ছাত্র) 9679, 481, 5529, 1049, 2033, 9854, 6707, 9447, 5952, 6175, 2839, 6188, 5380, 2048, 1068, 225, 9610, 7112, 6128, 4770, 9910, 1125, 1367, 4671, 6185, 4642, 6330, 2120, 7166, 6134, 3186, 3626, 4966, 5644, 9405, 2066, 767, 305, 1279, 2124, 7330, 4199, 6845, 6362, 3879, 2140, 7456, 7233, 516, 1219, 1098 (৫১ জন)

নগর অঞ্চল ও পরিকল্পনা বিভাগঃ

মেধা তালিকা (ছাত্রী) : 197, 5632, 1185, 6319, 5633, 5166, 3632, 6032 (৮জন), অপেক্ষা তালিকা (ছাত্রী): 4934, 3587, 290, 1382, 5308, 4945, 5208, 6479, 4726, 3260, 6020, 6171, 5002, 6465, 5207, 2379, 2756, 1208, 1000, 5817, 9337, 6094, 2004, 6015, 6570, 9533, 3222, 1016, 1563, 9726, 4680, 6055, 6131, 5786, 5300, 6320, 3086, 9430, 3510, 5991, 117, 5243, 2732, 1013, 4768, 6318, 5190, 2970, 92, 300, 5660, 508, 721, 1498, 3097, 5304, 4102, 5773, 5016,

Continued on Page 8
